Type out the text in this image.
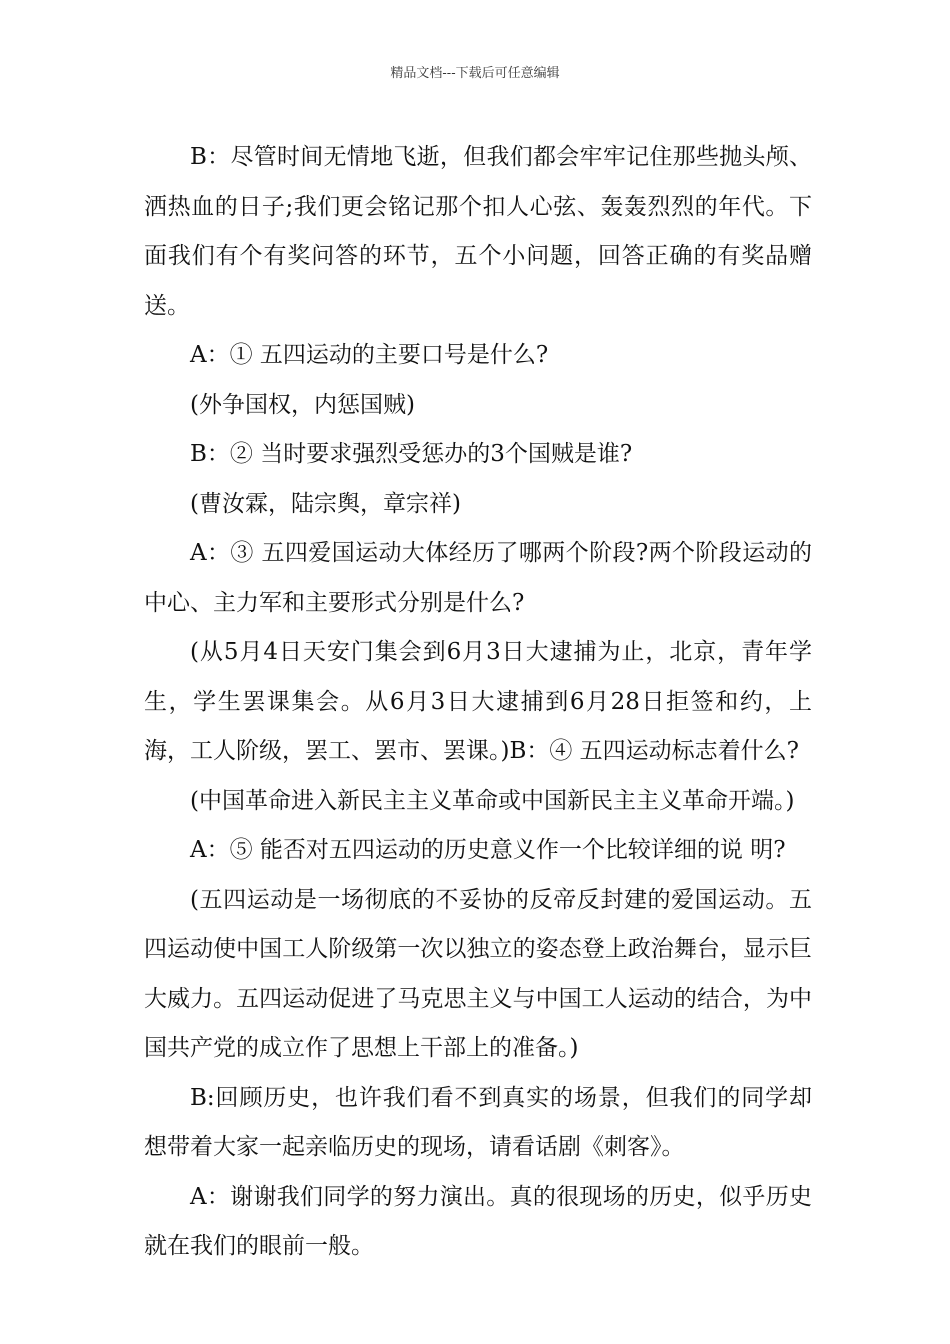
精品文档---下载后可任意编辑

B：尽管时间无情地飞逝，但我们都会牢牢记住那些抛头颅、洒热血的日子;我们更会铭记那个扣人心弦、轰轰烈烈的年代。下面我们有个有奖问答的环节，五个小问题，回答正确的有奖品赠送。

A：① 五四运动的主要口号是什么?

(外争国权，内惩国贼)

B：② 当时要求强烈受惩办的3个国贼是谁?

(曹汝霖，陆宗舆，章宗祥)

A：③ 五四爱国运动大体经历了哪两个阶段?两个阶段运动的中心、主力军和主要形式分别是什么?

(从5月4日天安门集会到6月3日大逮捕为止，北京，青年学生，学生罢课集会。从6月3日大逮捕到6月28日拒签和约，上海，工人阶级，罢工、罢市、罢课。)B：④ 五四运动标志着什么?

(中国革命进入新民主主义革命或中国新民主主义革命开端。)

A：⑤ 能否对五四运动的历史意义作一个比较详细的说 明?

(五四运动是一场彻底的不妥协的反帝反封建的爱国运动。五四运动使中国工人阶级第一次以独立的姿态登上政治舞台，显示巨大威力。五四运动促进了马克思主义与中国工人运动的结合，为中国共产党的成立作了思想上干部上的准备。)

B:回顾历史，也许我们看不到真实的场景，但我们的同学却想带着大家一起亲临历史的现场，请看话剧《刺客》。

A：谢谢我们同学的努力演出。真的很现场的历史，似乎历史就在我们的眼前一般。
